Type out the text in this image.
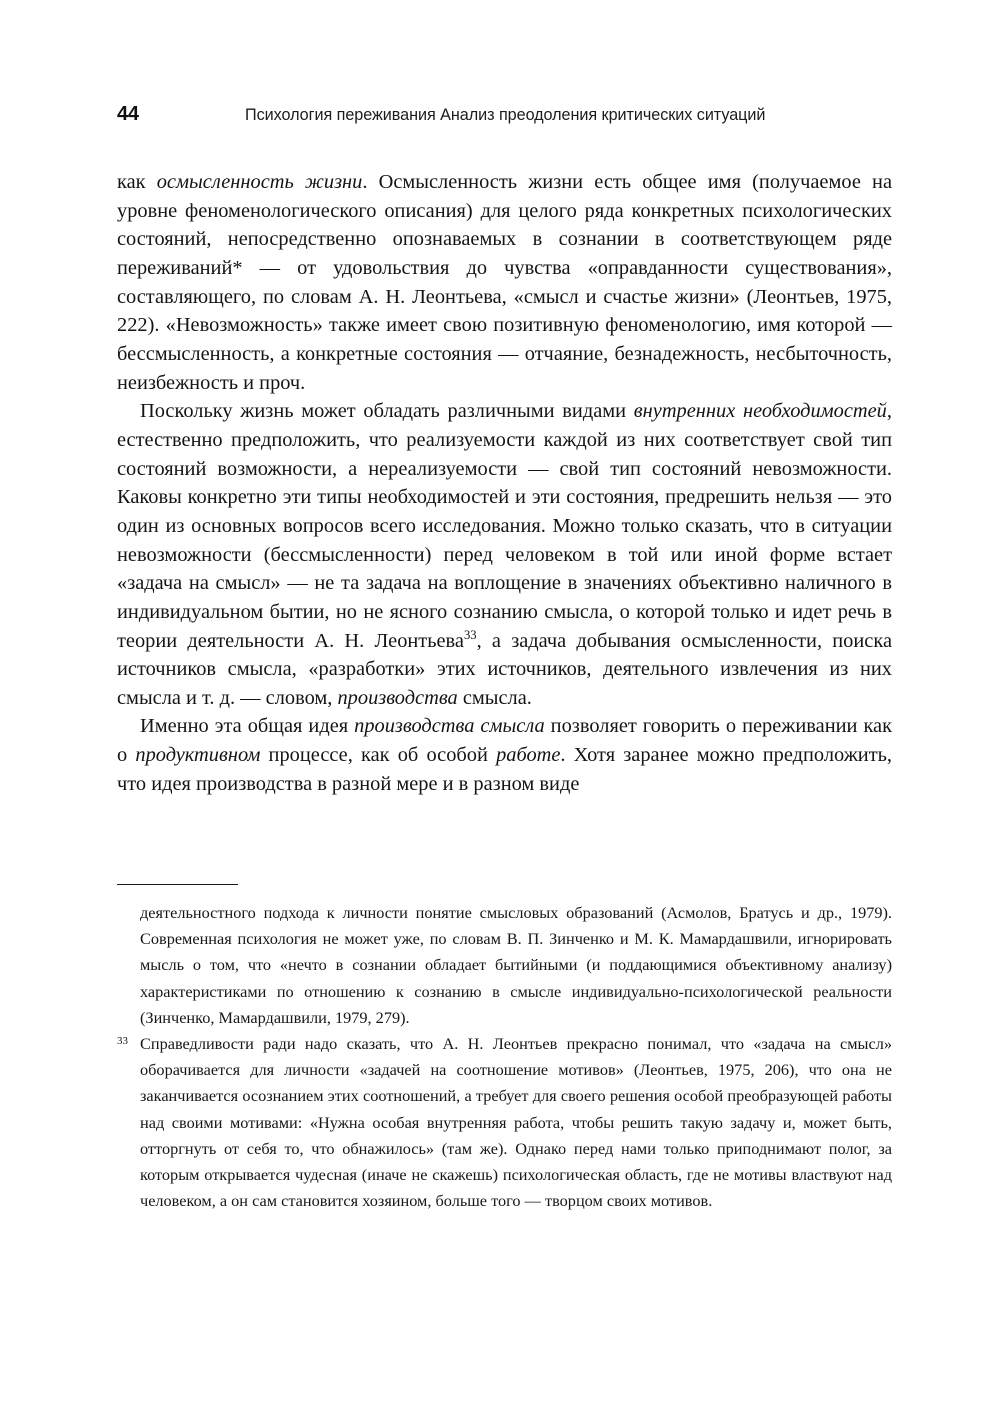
44	Психология переживания Анализ преодоления критических ситуаций

как осмысленность жизни. Осмысленность жизни есть общее имя (получаемое на уровне феноменологического описания) для целого ряда конкретных психологических состояний, непосредственно опознаваемых в сознании в соответствующем ряде переживаний* — от удовольствия до чувства «оправданности существования», составляющего, по словам А. Н. Леонтьева, «смысл и счастье жизни» (Леонтьев, 1975, 222). «Невозможность» также имеет свою позитивную феноменологию, имя которой — бессмысленность, а конкретные состояния — отчаяние, безнадежность, несбыточность, неизбежность и проч.

Поскольку жизнь может обладать различными видами внутренних необходимостей, естественно предположить, что реализуемости каждой из них соответствует свой тип состояний возможности, а нереализуемости — свой тип состояний невозможности. Каковы конкретно эти типы необходимостей и эти состояния, предрешить нельзя — это один из основных вопросов всего исследования. Можно только сказать, что в ситуации невозможности (бессмысленности) перед человеком в той или иной форме встает «задача на смысл» — не та задача на воплощение в значениях объективно наличного в индивидуальном бытии, но не ясного сознанию смысла, о которой только и идет речь в теории деятельности А. Н. Леонтьева$^{33}$, а задача добывания осмысленности, поиска источников смысла, «разработки» этих источников, деятельного извлечения из них смысла и т. д. — словом, производства смысла.

Именно эта общая идея производства смысла позволяет говорить о переживании как о продуктивном процессе, как об особой работе. Хотя заранее можно предположить, что идея производства в разной мере и в разном виде

деятельностного подхода к личности понятие смысловых образований (Асмолов, Братусь и др., 1979). Современная психология не может уже, по словам В. П. Зинченко и М. К. Мамардашвили, игнорировать мысль о том, что «нечто в сознании обладает бытийными (и поддающимися объективному анализу) характеристиками по отношению к сознанию в смысле индивидуально-психологической реальности (Зинченко, Мамардашвили, 1979, 279).

33 Справедливости ради надо сказать, что А. Н. Леонтьев прекрасно понимал, что «задача на смысл» оборачивается для личности «задачей на соотношение мотивов» (Леонтьев, 1975, 206), что она не заканчивается осознанием этих соотношений, а требует для своего решения особой преобразующей работы над своими мотивами: «Нужна особая внутренняя работа, чтобы решить такую задачу и, может быть, отторгнуть от себя то, что обнажилось» (там же). Однако перед нами только приподнимают полог, за которым открывается чудесная (иначе не скажешь) психологическая область, где не мотивы властвуют над человеком, а он сам становится хозяином, больше того — творцом своих мотивов.
